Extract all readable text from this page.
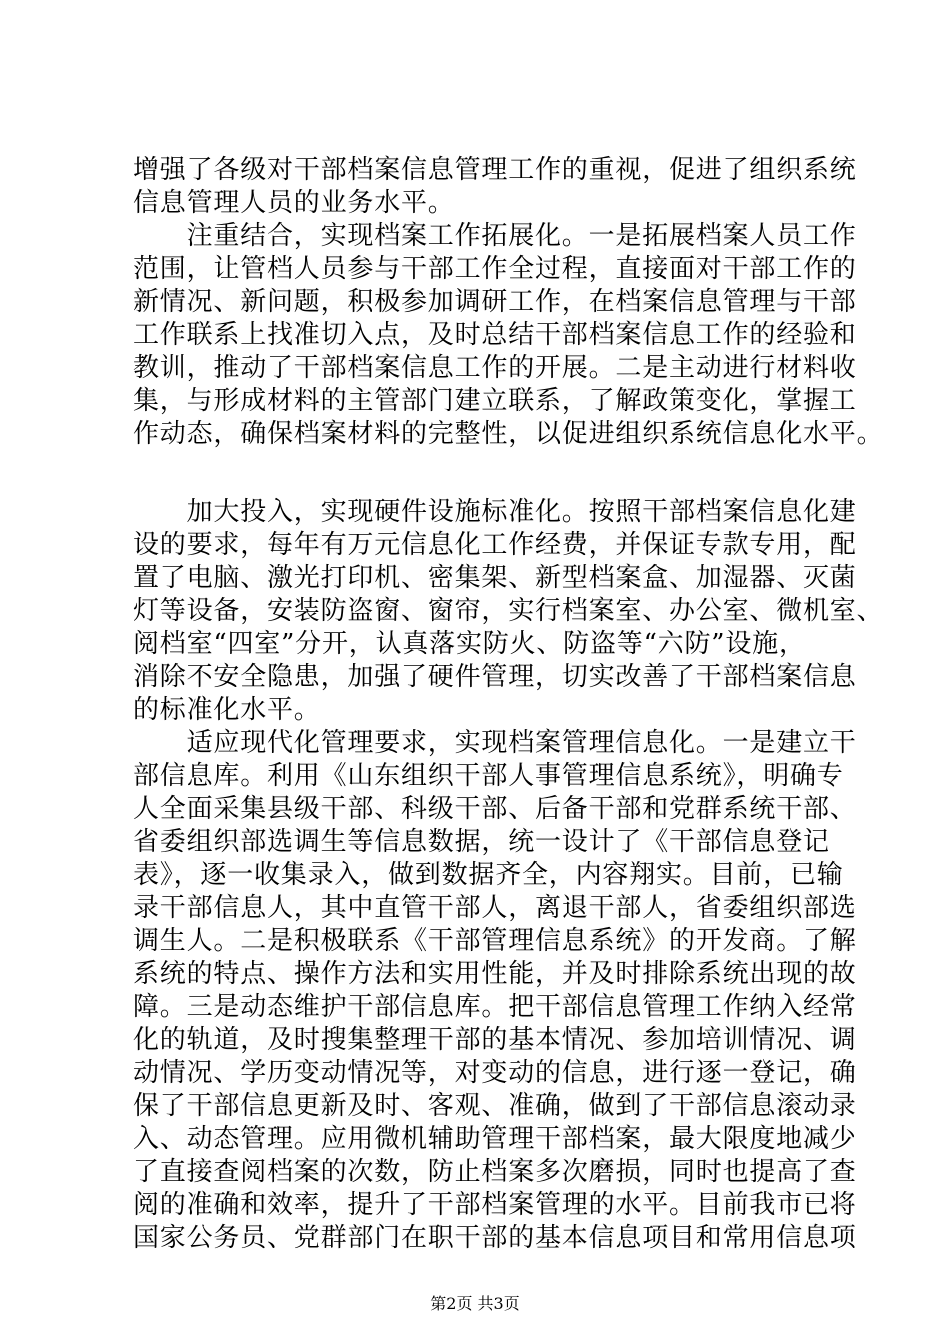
增强了各级对干部档案信息管理工作的重视，促进了组织系统
信息管理人员的业务水平。
　　注重结合，实现档案工作拓展化。一是拓展档案人员工作
范围，让管档人员参与干部工作全过程，直接面对干部工作的
新情况、新问题，积极参加调研工作，在档案信息管理与干部
工作联系上找准切入点，及时总结干部档案信息工作的经验和
教训，推动了干部档案信息工作的开展。二是主动进行材料收
集，与形成材料的主管部门建立联系，了解政策变化，掌握工
作动态，确保档案材料的完整性，以促进组织系统信息化水平。
　　加大投入，实现硬件设施标准化。按照干部档案信息化建
设的要求，每年有万元信息化工作经费，并保证专款专用，配
置了电脑、激光打印机、密集架、新型档案盒、加湿器、灭菌
灯等设备，安装防盗窗、窗帘，实行档案室、办公室、微机室、
阅档室“四室”分开，认真落实防火、防盗等“六防”设施，
消除不安全隐患，加强了硬件管理，切实改善了干部档案信息
的标准化水平。
　　适应现代化管理要求，实现档案管理信息化。一是建立干
部信息库。利用《山东组织干部人事管理信息系统》，明确专
人全面采集县级干部、科级干部、后备干部和党群系统干部、
省委组织部选调生等信息数据，统一设计了《干部信息登记
表》，逐一收集录入，做到数据齐全，内容翔实。目前，已输
录干部信息人，其中直管干部人，离退干部人，省委组织部选
调生人。二是积极联系《干部管理信息系统》的开发商。了解
系统的特点、操作方法和实用性能，并及时排除系统出现的故
障。三是动态维护干部信息库。把干部信息管理工作纳入经常
化的轨道，及时搜集整理干部的基本情况、参加培训情况、调
动情况、学历变动情况等，对变动的信息，进行逐一登记，确
保了干部信息更新及时、客观、准确，做到了干部信息滚动录
入、动态管理。应用微机辅助管理干部档案，最大限度地减少
了直接查阅档案的次数，防止档案多次磨损，同时也提高了查
阅的准确和效率，提升了干部档案管理的水平。目前我市已将
国家公务员、党群部门在职干部的基本信息项目和常用信息项
第2页 共3页
